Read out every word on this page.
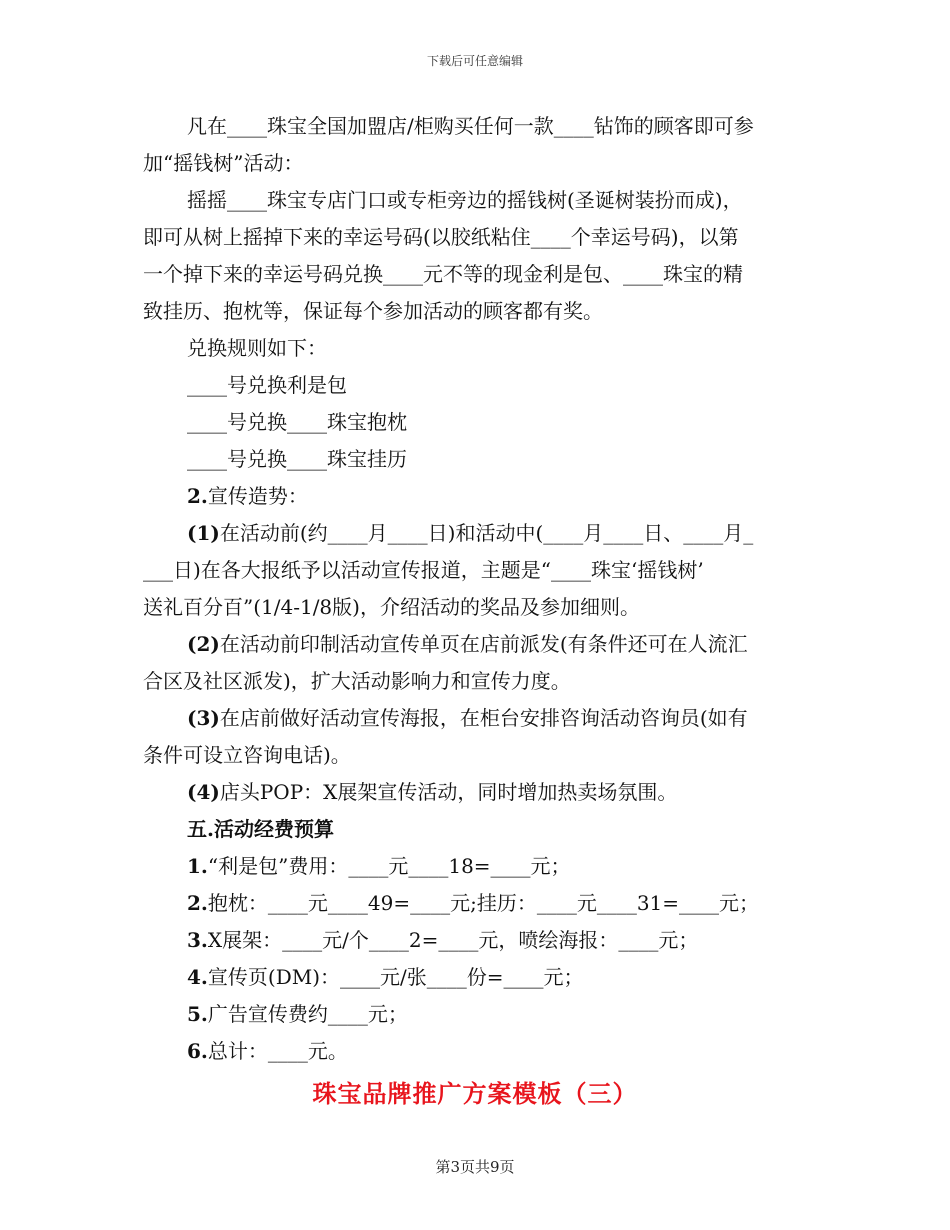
下载后可任意编辑
凡在____珠宝全国加盟店/柜购买任何一款____钻饰的顾客即可参
加“摇钱树”活动：
摇摇____珠宝专店门口或专柜旁边的摇钱树(圣诞树装扮而成)，
即可从树上摇掉下来的幸运号码(以胶纸粘住____个幸运号码)，以第
一个掉下来的幸运号码兑换____元不等的现金利是包、____珠宝的精
致挂历、抱枕等，保证每个参加活动的顾客都有奖。
兑换规则如下：
____号兑换利是包
____号兑换____珠宝抱枕
____号兑换____珠宝挂历
2.宣传造势：
(1)在活动前(约____月____日)和活动中(____月____日、____月_
___日)在各大报纸予以活动宣传报道，主题是“____珠宝‘摇钱树’
送礼百分百”(1/4-1/8版)，介绍活动的奖品及参加细则。
(2)在活动前印制活动宣传单页在店前派发(有条件还可在人流汇
合区及社区派发)，扩大活动影响力和宣传力度。
(3)在店前做好活动宣传海报，在柜台安排咨询活动咨询员(如有
条件可设立咨询电话)。
(4)店头POP：X展架宣传活动，同时增加热卖场氛围。
五.活动经费预算
1.“利是包”费用：____元____18=____元；
2.抱枕：____元____49=____元;挂历：____元____31=____元；
3.X展架：____元/个____2=____元，喷绘海报：____元；
4.宣传页(DM)：____元/张____份=____元；
5.广告宣传费约____元；
6.总计：____元。
珠宝品牌推广方案模板（三）
第3页共9页
